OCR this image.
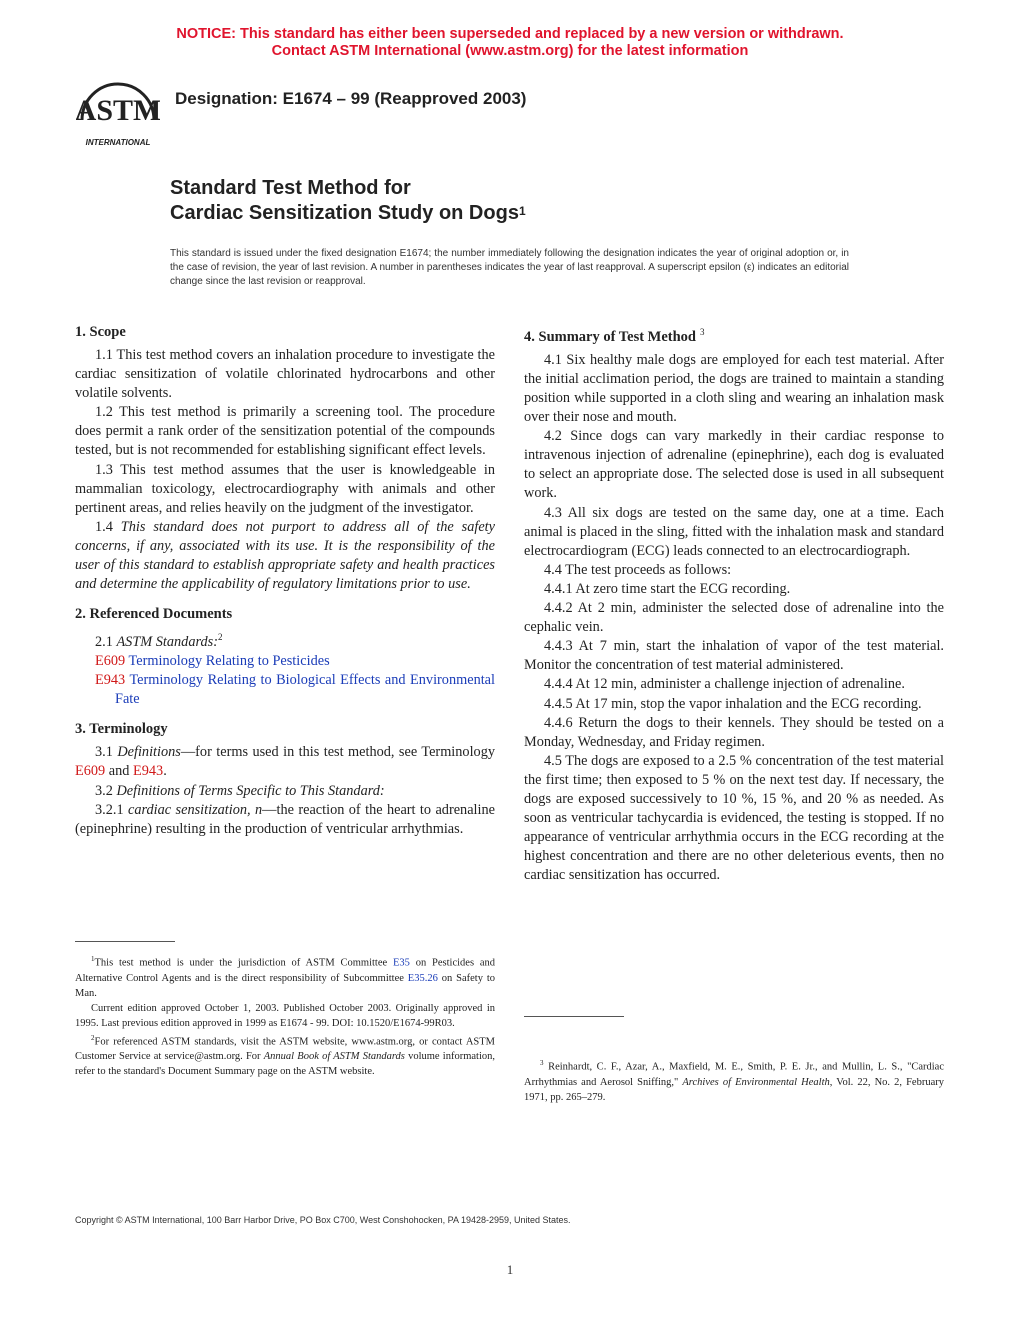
NOTICE: This standard has either been superseded and replaced by a new version or withdrawn.
Contact ASTM International (www.astm.org) for the latest information
ASTM
INTERNATIONAL
Designation: E1674 – 99 (Reapproved 2003)
Standard Test Method for
Cardiac Sensitization Study on Dogs$^1$
This standard is issued under the fixed designation E1674; the number immediately following the designation indicates the year of original adoption or, in the case of revision, the year of last revision. A number in parentheses indicates the year of last reapproval. A superscript epsilon (ε) indicates an editorial change since the last revision or reapproval.
1. Scope

1.1 This test method covers an inhalation procedure to investigate the cardiac sensitization of volatile chlorinated hydrocarbons and other volatile solvents.

1.2 This test method is primarily a screening tool. The procedure does permit a rank order of the sensitization potential of the compounds tested, but is not recommended for establishing significant effect levels.

1.3 This test method assumes that the user is knowledgeable in mammalian toxicology, electrocardiography with animals and other pertinent areas, and relies heavily on the judgment of the investigator.

1.4 This standard does not purport to address all of the safety concerns, if any, associated with its use. It is the responsibility of the user of this standard to establish appropriate safety and health practices and determine the applicability of regulatory limitations prior to use.

2. Referenced Documents

2.1 ASTM Standards:$^2$

E609 Terminology Relating to Pesticides

E943 Terminology Relating to Biological Effects and Environmental Fate

3. Terminology

3.1 Definitions—for terms used in this test method, see Terminology E609 and E943.

3.2 Definitions of Terms Specific to This Standard:

3.2.1 cardiac sensitization, n—the reaction of the heart to adrenaline (epinephrine) resulting in the production of ventricular arrhythmias.

4. Summary of Test Method $^3$

4.1 Six healthy male dogs are employed for each test material. After the initial acclimation period, the dogs are trained to maintain a standing position while supported in a cloth sling and wearing an inhalation mask over their nose and mouth.

4.2 Since dogs can vary markedly in their cardiac response to intravenous injection of adrenaline (epinephrine), each dog is evaluated to select an appropriate dose. The selected dose is used in all subsequent work.

4.3 All six dogs are tested on the same day, one at a time. Each animal is placed in the sling, fitted with the inhalation mask and standard electrocardiogram (ECG) leads connected to an electrocardiograph.

4.4 The test proceeds as follows:

4.4.1 At zero time start the ECG recording.

4.4.2 At 2 min, administer the selected dose of adrenaline into the cephalic vein.

4.4.3 At 7 min, start the inhalation of vapor of the test material. Monitor the concentration of test material administered.

4.4.4 At 12 min, administer a challenge injection of adrenaline.

4.4.5 At 17 min, stop the vapor inhalation and the ECG recording.

4.4.6 Return the dogs to their kennels. They should be tested on a Monday, Wednesday, and Friday regimen.

4.5 The dogs are exposed to a 2.5 % concentration of the test material the first time; then exposed to 5 % on the next test day. If necessary, the dogs are exposed successively to 10 %, 15 %, and 20 % as needed. As soon as ventricular tachycardia is evidenced, the testing is stopped. If no appearance of ventricular arrhythmia occurs in the ECG recording at the highest concentration and there are no other deleterious events, then no cardiac sensitization has occurred.

$^1$This test method is under the jurisdiction of ASTM Committee E35 on Pesticides and Alternative Control Agents and is the direct responsibility of Subcommittee E35.26 on Safety to Man.

Current edition approved October 1, 2003. Published October 2003. Originally approved in 1995. Last previous edition approved in 1999 as E1674 - 99. DOI: 10.1520/E1674-99R03.

$^2$For referenced ASTM standards, visit the ASTM website, www.astm.org, or contact ASTM Customer Service at service@astm.org. For Annual Book of ASTM Standards volume information, refer to the standard's Document Summary page on the ASTM website.

$^3$ Reinhardt, C. F., Azar, A., Maxfield, M. E., Smith, P. E. Jr., and Mullin, L. S., "Cardiac Arrhythmias and Aerosol Sniffing," Archives of Environmental Health, Vol. 22, No. 2, February 1971, pp. 265–279.

Copyright © ASTM International, 100 Barr Harbor Drive, PO Box C700, West Conshohocken, PA 19428-2959, United States.
1
